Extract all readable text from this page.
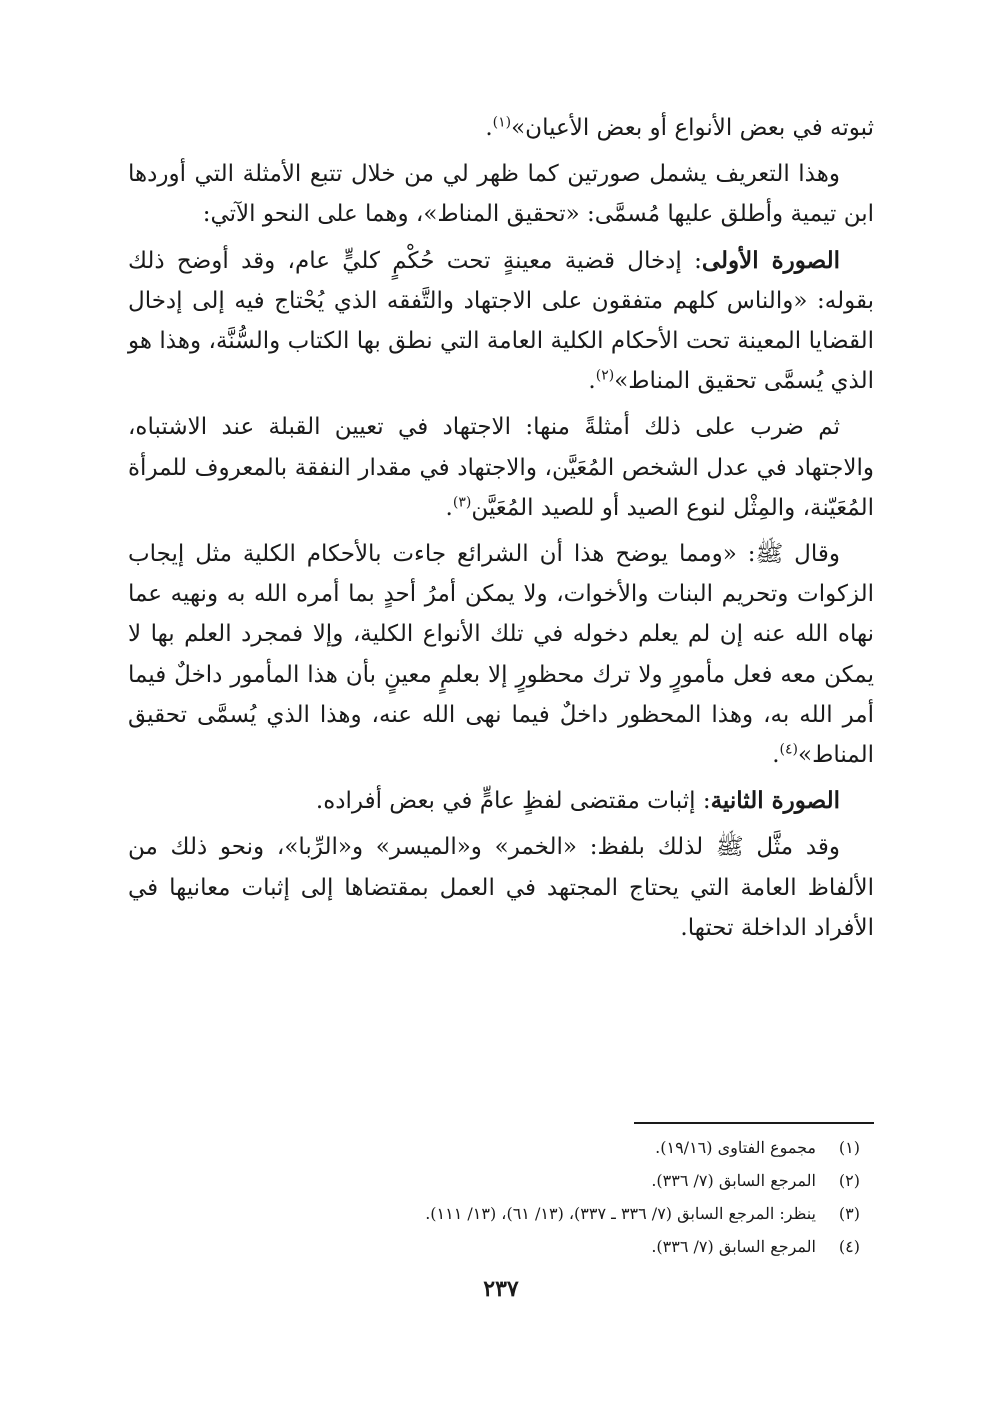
ثبوته في بعض الأنواع أو بعض الأعيان»$^{(١)}$.

وهذا التعريف يشمل صورتين كما ظهر لي من خلال تتبع الأمثلة التي أوردها ابن تيمية وأطلق عليها مُسمَّى: «تحقيق المناط»، وهما على النحو الآتي:

الصورة الأولى: إدخال قضية معينةٍ تحت حُكْمٍ كليٍّ عام، وقد أوضح ذلك بقوله: «والناس كلهم متفقون على الاجتهاد والتَّفقه الذي يُحْتاج فيه إلى إدخال القضايا المعينة تحت الأحكام الكلية العامة التي نطق بها الكتاب والسُّنَّة، وهذا هو الذي يُسمَّى تحقيق المناط»$^{(٢)}$.

ثم ضرب على ذلك أمثلةً منها: الاجتهاد في تعيين القبلة عند الاشتباه، والاجتهاد في عدل الشخص المُعَيَّن، والاجتهاد في مقدار النفقة بالمعروف للمرأة المُعَيّنة، والمِثْل لنوع الصيد أو للصيد المُعَيَّن$^{(٣)}$.

وقال ﷺ: «ومما يوضح هذا أن الشرائع جاءت بالأحكام الكلية مثل إيجاب الزكوات وتحريم البنات والأخوات، ولا يمكن أمرُ أحدٍ بما أمره الله به ونهيه عما نهاه الله عنه إن لم يعلم دخوله في تلك الأنواع الكلية، وإلا فمجرد العلم بها لا يمكن معه فعل مأمورٍ ولا ترك محظورٍ إلا بعلمٍ معينٍ بأن هذا المأمور داخلٌ فيما أمر الله به، وهذا المحظور داخلٌ فيما نهى الله عنه، وهذا الذي يُسمَّى تحقيق المناط»$^{(٤)}$.

الصورة الثانية: إثبات مقتضى لفظٍ عامٍّ في بعض أفراده.

وقد مثَّل ﷺ لذلك بلفظ: «الخمر» و«الميسر» و«الرِّبا»، ونحو ذلك من الألفاظ العامة التي يحتاج المجتهد في العمل بمقتضاها إلى إثبات معانيها في الأفراد الداخلة تحتها.

(١)
مجموع الفتاوى (١٩/١٦).
(٢)
المرجع السابق (٧/ ٣٣٦).
(٣)
ينظر: المرجع السابق (٧/ ٣٣٦ ـ ٣٣٧)، (١٣/ ٦١)، (١٣/ ١١١).
(٤)
المرجع السابق (٧/ ٣٣٦).
٢٣٧
